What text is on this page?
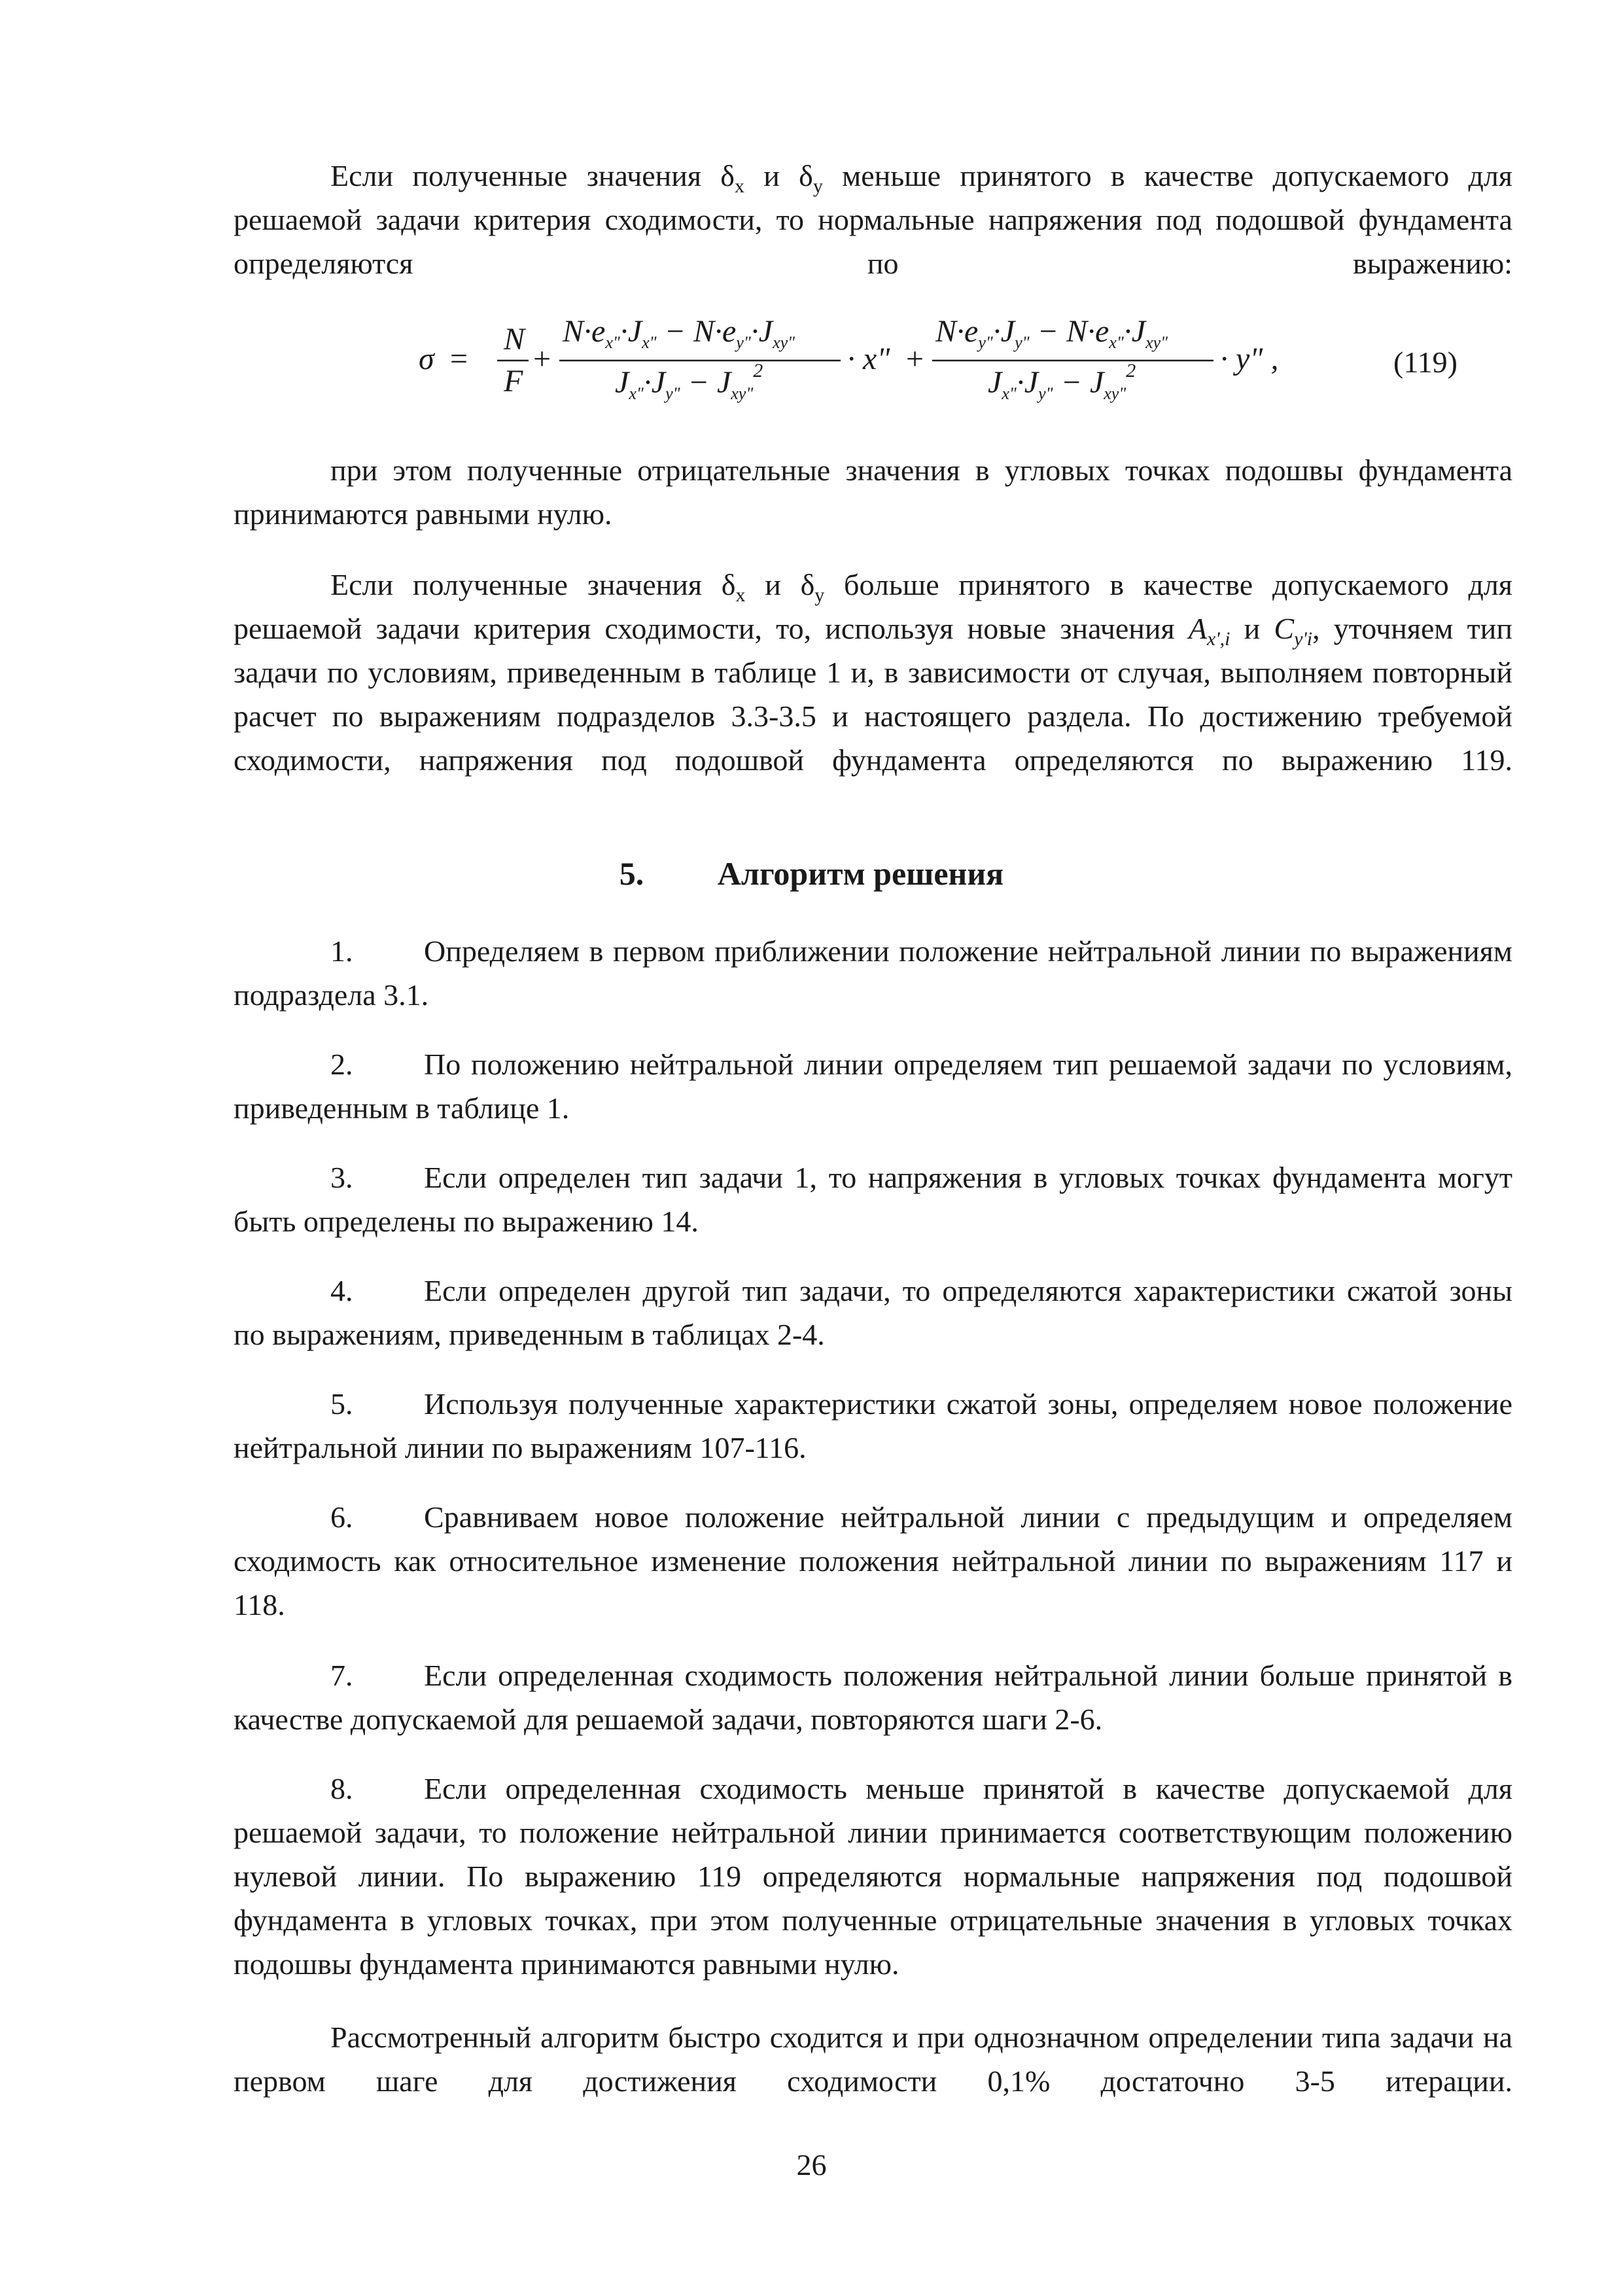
Если полученные значения $\delta_x$ и $\delta_y$ меньше принятого в качестве допускаемого для решаемой задачи критерия сходимости, то нормальные напряжения под подошвой фундамента определяются по выражению:

σ =
N
F
+
$N\cdot e_{x"}\cdot J_{x"} - N\cdot e_{y"}\cdot J_{xy"}$
$J_{x"}\cdot J_{y"} - J_{xy"}^2$	· x" +
$N\cdot e_{y"}\cdot J_{y"} - N\cdot e_{x"}\cdot J_{xy"}$
$J_{x"}\cdot J_{y"} - J_{xy"}^2$	· y" ,	(119)

при этом полученные отрицательные значения в угловых точках подошвы фундамента принимаются равными нулю.

Если полученные значения $\delta_x$ и $\delta_y$ больше принятого в качестве допускаемого для решаемой задачи критерия сходимости, то, используя новые значения $A_{x',i}$ и $C_{y'i}$, уточняем тип задачи по условиям, приведенным в таблице 1 и, в зависимости от случая, выполняем повторный расчет по выражениям подразделов 3.3-3.5 и настоящего раздела. По достижению требуемой сходимости, напряжения под подошвой фундамента определяются по выражению 119.

5. Алгоритм решения

1. Определяем в первом приближении положение нейтральной линии по выражениям подраздела 3.1.

2. По положению нейтральной линии определяем тип решаемой задачи по условиям, приведенным в таблице 1.

3. Если определен тип задачи 1, то напряжения в угловых точках фундамента могут быть определены по выражению 14.

4. Если определен другой тип задачи, то определяются характеристики сжатой зоны по выражениям, приведенным в таблицах 2-4.

5. Используя полученные характеристики сжатой зоны, определяем новое положение нейтральной линии по выражениям 107-116.

6. Сравниваем новое положение нейтральной линии с предыдущим и определяем сходимость как относительное изменение положения нейтральной линии по выражениям 117 и 118.

7. Если определенная сходимость положения нейтральной линии больше принятой в качестве допускаемой для решаемой задачи, повторяются шаги 2-6.

8. Если определенная сходимость меньше принятой в качестве допускаемой для решаемой задачи, то положение нейтральной линии принимается соответствующим положению нулевой линии. По выражению 119 определяются нормальные напряжения под подошвой фундамента в угловых точках, при этом полученные отрицательные значения в угловых точках подошвы фундамента принимаются равными нулю.

Рассмотренный алгоритм быстро сходится и при однозначном определении типа задачи на первом шаге для достижения сходимости 0,1% достаточно 3-5 итерации.

26
